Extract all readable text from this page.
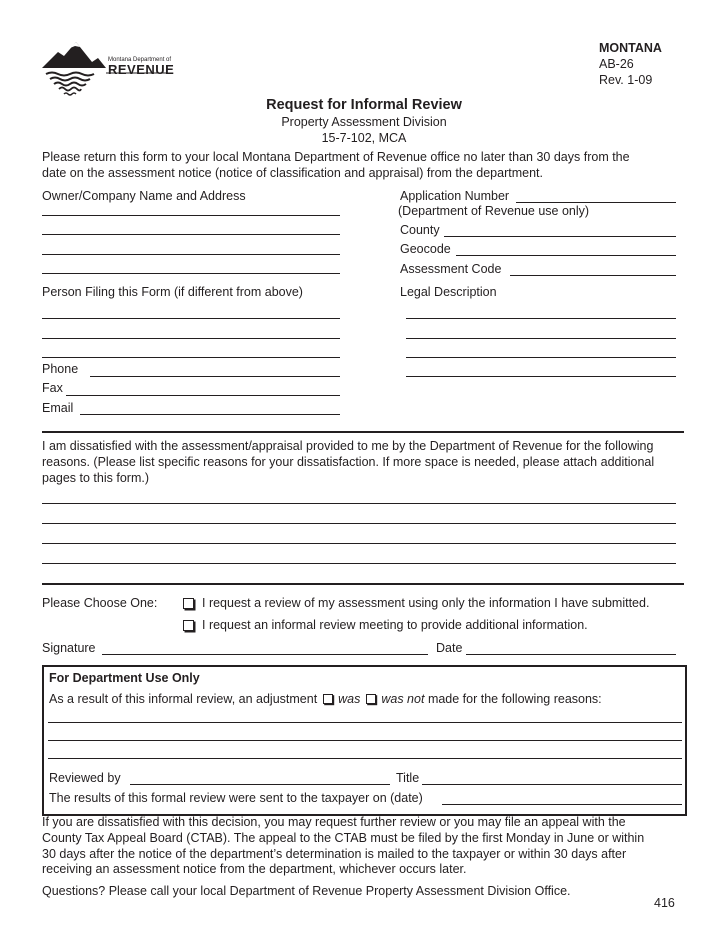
Montana Department of
REVENUE
MONTANA
AB-26
Rev. 1-09
Request for Informal Review
Property Assessment Division
15-7-102, MCA
Please return this form to your local Montana Department of Revenue office no later than 30 days from the
date on the assessment notice (notice of classification and appraisal) from the department.
Owner/Company Name and Address	Application Number
(Department of Revenue use only)
County
Geocode
Assessment Code
Person Filing this Form (if different from above)
Phone
Fax
Email
Legal Description
I am dissatisfied with the assessment/appraisal provided to me by the Department of Revenue for the following
reasons. (Please list specific reasons for your dissatisfaction. If more space is needed, please attach additional
pages to this form.)
Please Choose One:	I request a review of my assessment using only the information I have submitted.
I request an informal review meeting to provide additional information.
Signature	Date
For Department Use Only
As a result of this informal review, an adjustment was was not made for the following reasons:
Reviewed by	Title
The results of this formal review were sent to the taxpayer on (date)
If you are dissatisfied with this decision, you may request further review or you may file an appeal with the
County Tax Appeal Board (CTAB). The appeal to the CTAB must be filed by the first Monday in June or within
30 days after the notice of the department’s determination is mailed to the taxpayer or within 30 days after
receiving an assessment notice from the department, whichever occurs later.
Questions? Please call your local Department of Revenue Property Assessment Division Office.
416
